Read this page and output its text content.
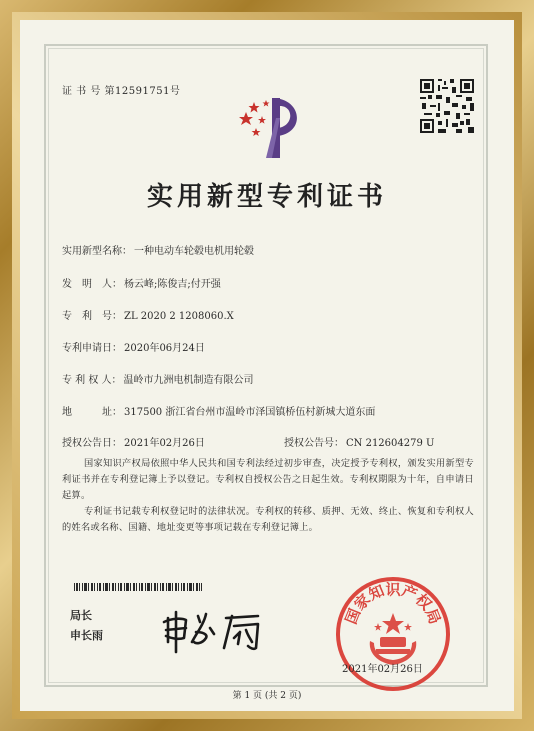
证 书 号 第12591751号
实用新型专利证书
实用新型名称： 一种电动车轮毂电机用轮毂
发　明　人： 杨云峰;陈俊吉;付开强
专　利　号： ZL 2020 2 1208060.X
专利申请日： 2020年06月24日
专 利 权 人： 温岭市九洲电机制造有限公司
地　　　址： 317500 浙江省台州市温岭市泽国镇桥伍村新城大道东面
授权公告日： 2021年02月26日	授权公告号： CN 212604279 U
国家知识产权局依照中华人民共和国专利法经过初步审查，决定授予专利权，颁发实用新型专利证书并在专利登记簿上予以登记。专利权自授权公告之日起生效。专利权期限为十年，自申请日起算。
专利证书记载专利权登记时的法律状况。专利权的转移、质押、无效、终止、恢复和专利权人的姓名或名称、国籍、地址变更等事项记载在专利登记簿上。
局长
申长雨
国家知识产权局
2021年02月26日
第 1 页 (共 2 页)
